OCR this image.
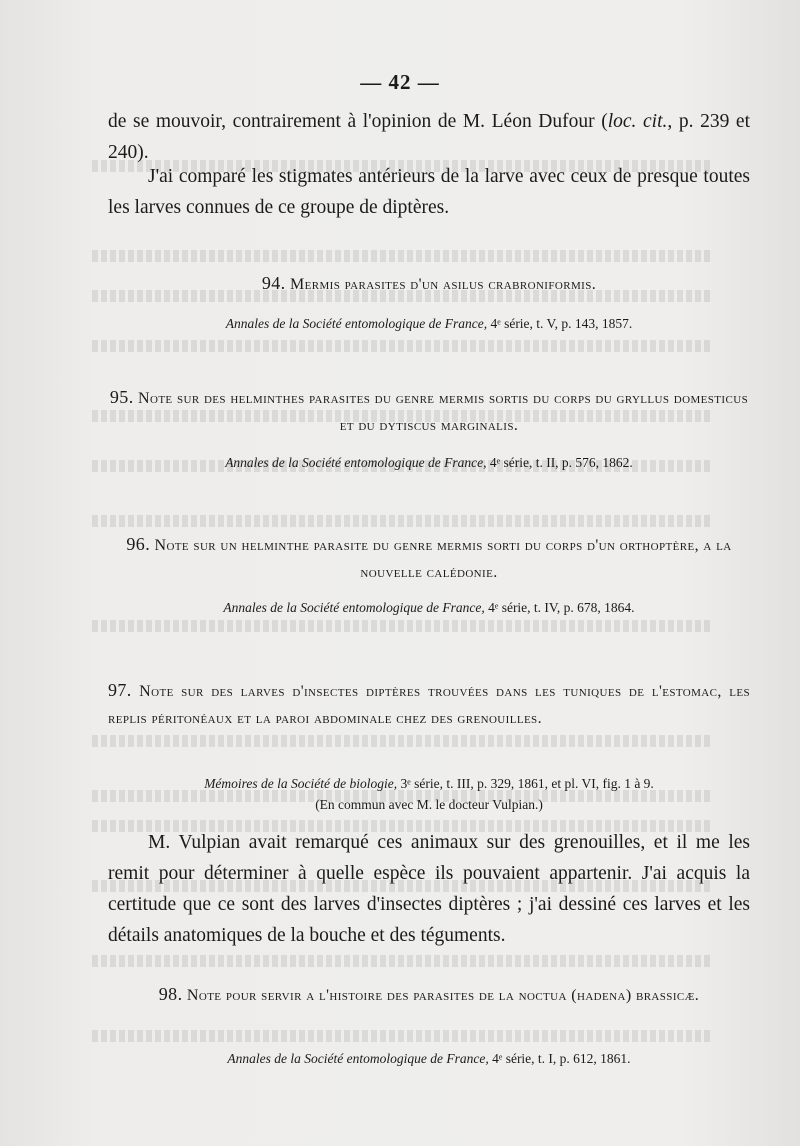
— 42 —
de se mouvoir, contrairement à l'opinion de M. Léon Dufour (loc. cit., p. 239 et 240).
J'ai comparé les stigmates antérieurs de la larve avec ceux de presque toutes les larves connues de ce groupe de diptères.
94. Mermis parasites d'un asilus crabroniformis.
Annales de la Société entomologique de France, 4ᵉ série, t. V, p. 143, 1857.
95. Note sur des helminthes parasites du genre mermis sortis du corps du gryllus domesticus et du dytiscus marginalis.
Annales de la Société entomologique de France, 4ᵉ série, t. II, p. 576, 1862.
96. Note sur un helminthe parasite du genre mermis sorti du corps d'un orthoptère, a la nouvelle calédonie.
Annales de la Société entomologique de France, 4ᵉ série, t. IV, p. 678, 1864.
97. Note sur des larves d'insectes diptères trouvées dans les tuniques de l'estomac, les replis péritonéaux et la paroi abdominale chez des grenouilles.
Mémoires de la Société de biologie, 3ᵉ série, t. III, p. 329, 1861, et pl. VI, fig. 1 à 9.
(En commun avec M. le docteur Vulpian.)
M. Vulpian avait remarqué ces animaux sur des grenouilles, et il me les remit pour déterminer à quelle espèce ils pouvaient appartenir. J'ai acquis la certitude que ce sont des larves d'insectes diptères ; j'ai dessiné ces larves et les détails anatomiques de la bouche et des téguments.
98. Note pour servir a l'histoire des parasites de la noctua (hadena) brassicæ.
Annales de la Société entomologique de France, 4ᵉ série, t. I, p. 612, 1861.
